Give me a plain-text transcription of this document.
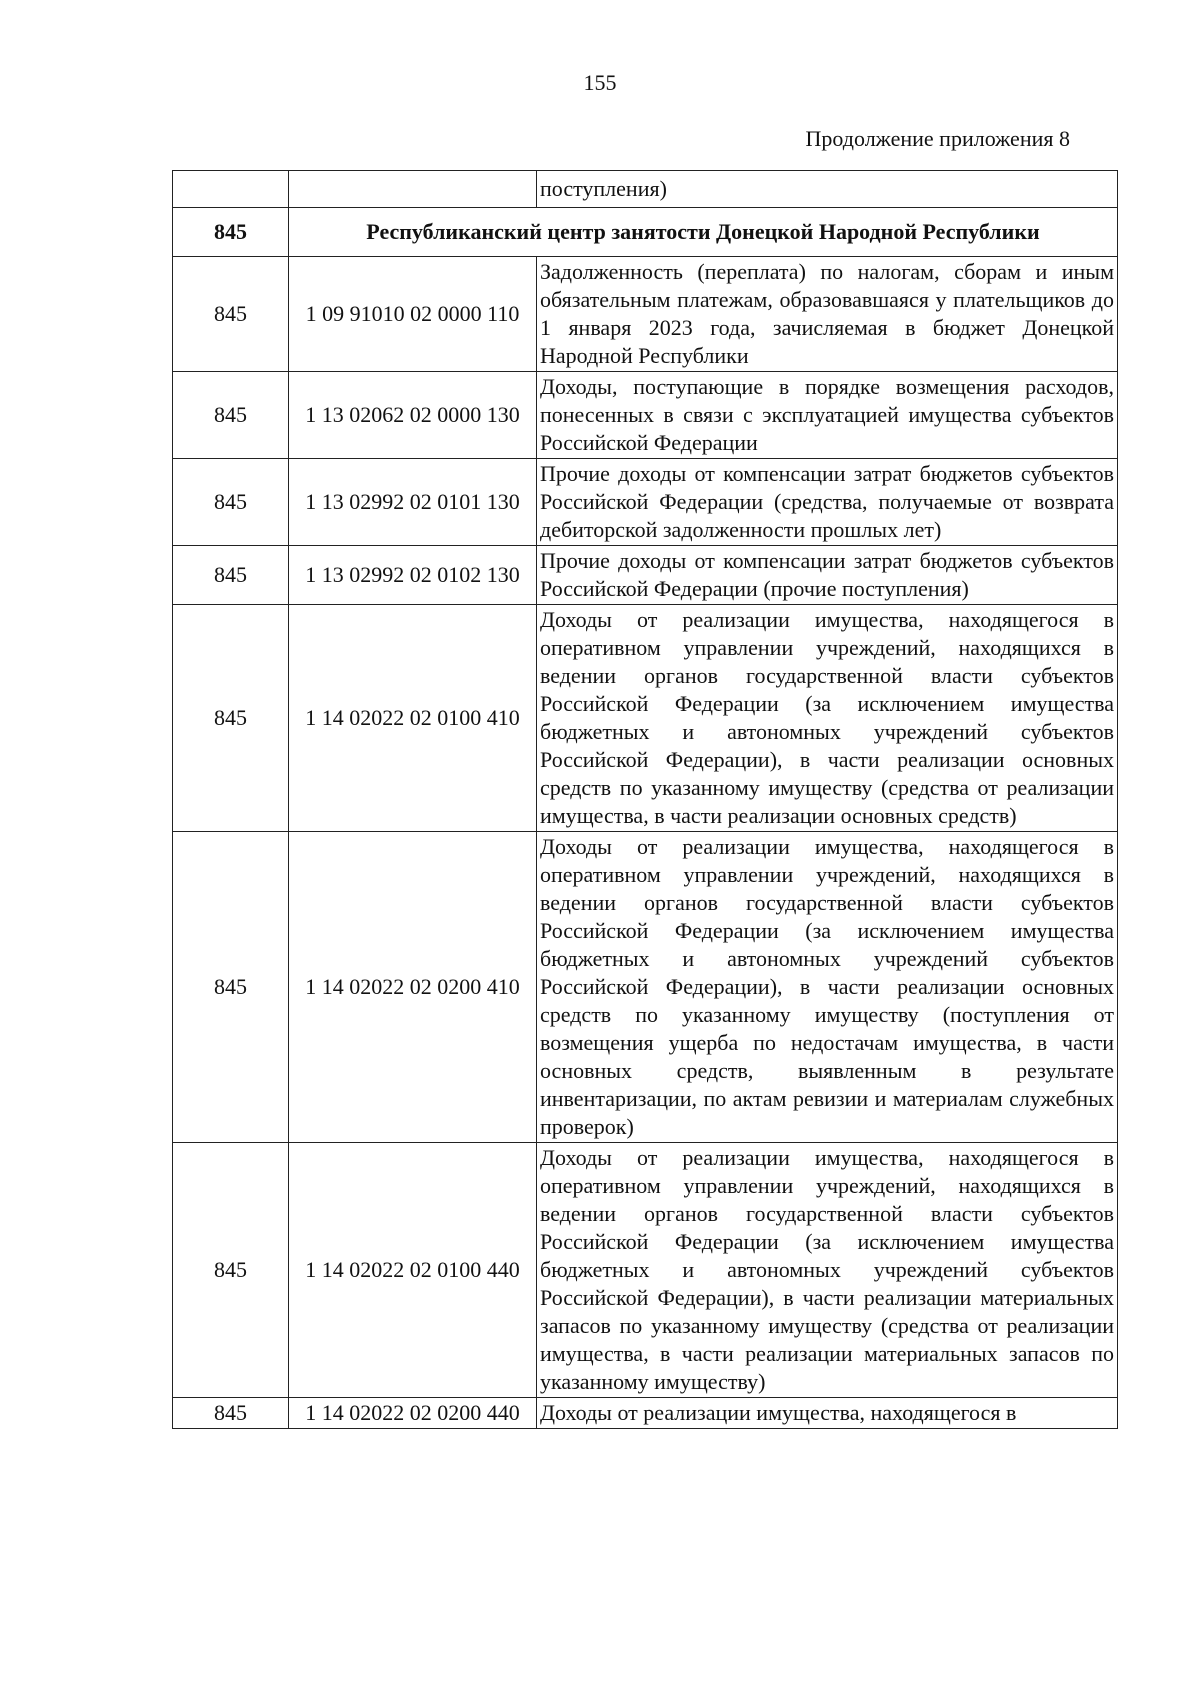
155
Продолжение приложения 8
		поступления)
845	Республиканский центр занятости Донецкой Народной Республики	
845	1 09 91010 02 0000 110	Задолженность (переплата) по налогам, сборам и иным обязательным платежам, образовавшаяся у плательщиков до 1 января 2023 года, зачисляемая в бюджет Донецкой Народной Республики
845	1 13 02062 02 0000 130	Доходы, поступающие в порядке возмещения расходов, понесенных в связи с эксплуатацией имущества субъектов Российской Федерации
845	1 13 02992 02 0101 130	Прочие доходы от компенсации затрат бюджетов субъектов Российской Федерации (средства, получаемые от возврата дебиторской задолженности прошлых лет)
845	1 13 02992 02 0102 130	Прочие доходы от компенсации затрат бюджетов субъектов Российской Федерации (прочие поступления)
845	1 14 02022 02 0100 410	Доходы от реализации имущества, находящегося в оперативном управлении учреждений, находящихся в ведении органов государственной власти субъектов Российской Федерации (за исключением имущества бюджетных и автономных учреждений субъектов Российской Федерации), в части реализации основных средств по указанному имуществу (средства от реализации имущества, в части реализации основных средств)
845	1 14 02022 02 0200 410	Доходы от реализации имущества, находящегося в оперативном управлении учреждений, находящихся в ведении органов государственной власти субъектов Российской Федерации (за исключением имущества бюджетных и автономных учреждений субъектов Российской Федерации), в части реализации основных средств по указанному имуществу (поступления от возмещения ущерба по недостачам имущества, в части основных средств, выявленным в результате инвентаризации, по актам ревизии и материалам служебных проверок)
845	1 14 02022 02 0100 440	Доходы от реализации имущества, находящегося в оперативном управлении учреждений, находящихся в ведении органов государственной власти субъектов Российской Федерации (за исключением имущества бюджетных и автономных учреждений субъектов Российской Федерации), в части реализации материальных запасов по указанному имуществу (средства от реализации имущества, в части реализации материальных запасов по указанному имуществу)
845	1 14 02022 02 0200 440	Доходы от реализации имущества, находящегося в
